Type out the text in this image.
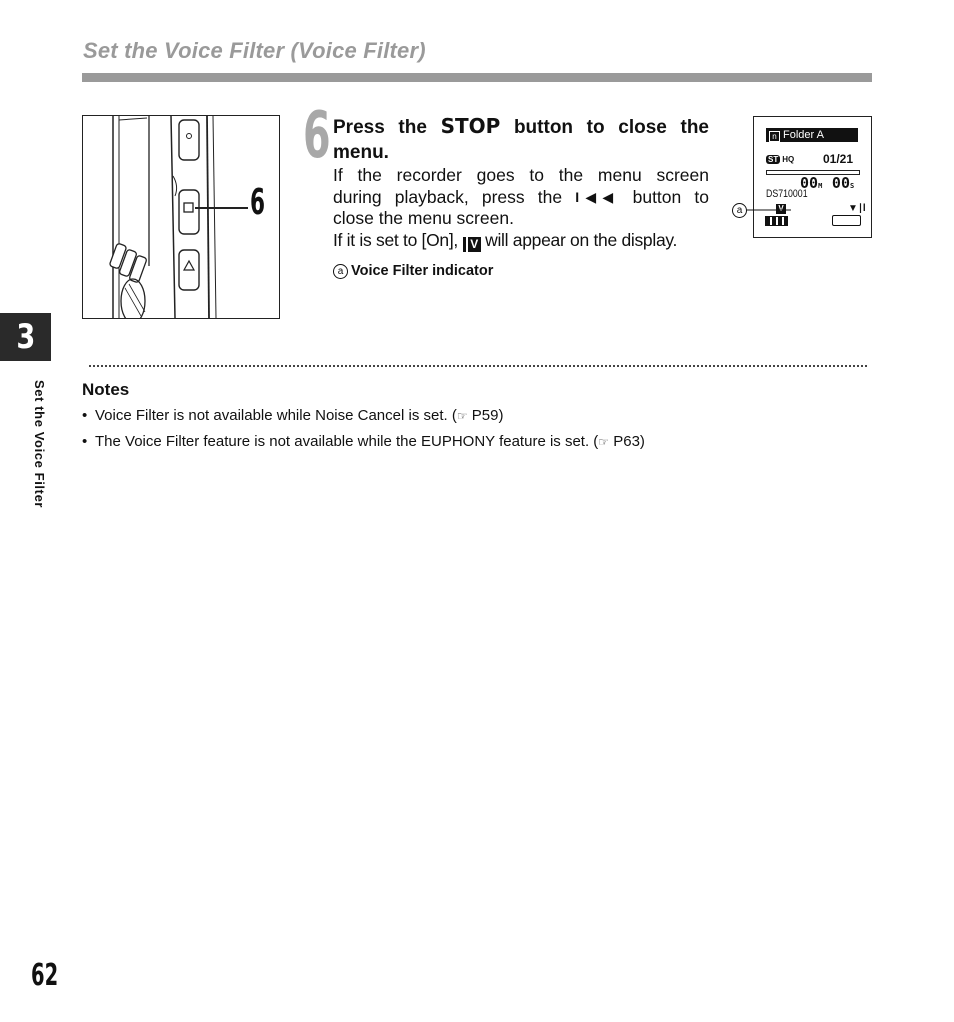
Set the Voice Filter (Voice Filter)
6
6 Press the STOP button to close the
menu.
If the recorder goes to the menu screen
during playback, press the I◀◀ button to
close the menu screen.
If it is set to [On], V will appear on the display.
a Voice Filter indicator
n Folder A
ST HQ 01/21
00M 00S
DS710001
V	▼∣l
a
3
Set the Voice Filter Notes
• Voice Filter is not available while Noise Cancel is set. (☞ P59)
• The Voice Filter feature is not available while the EUPHONY feature is set. (☞ P63)
62
